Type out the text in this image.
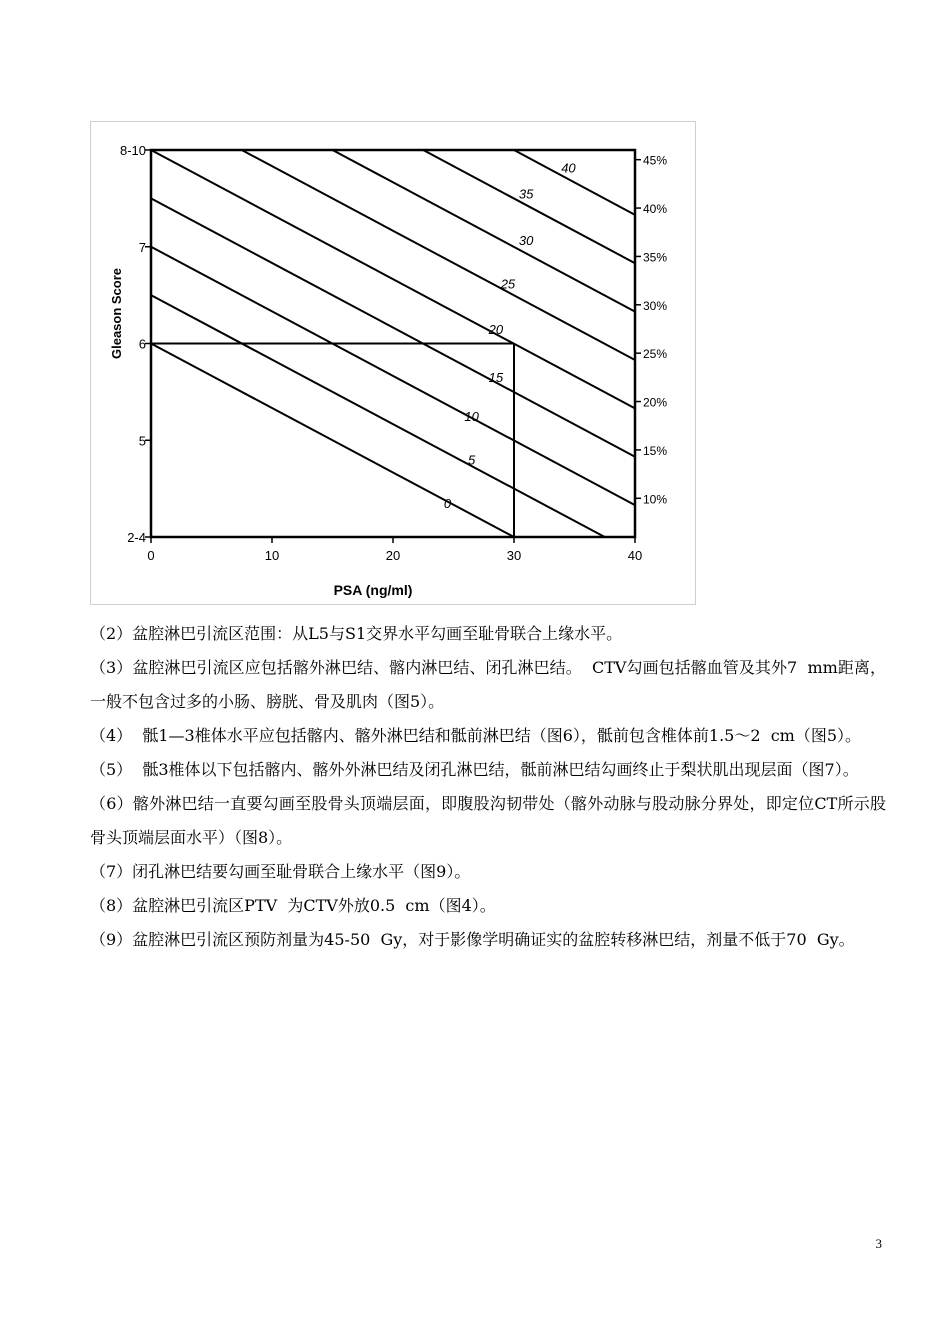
0
5
10
15
20
25
30
35
40
0	10	20	30	40
2-4
5
6
7
8-10
45%
40%
35%
30%
25%
20%
15%
10%
PSA (ng/ml)
Gleason Score

（2）盆腔淋巴引流区范围：从L5与S1交界水平勾画至耻骨联合上缘水平。

（3）盆腔淋巴引流区应包括髂外淋巴结、髂内淋巴结、闭孔淋巴结。  CTV勾画包括髂血管及其外7  mm距离，一般不包含过多的小肠、膀胱、骨及肌肉（图5）。

（4）  骶1—3椎体水平应包括髂内、髂外淋巴结和骶前淋巴结（图6），骶前包含椎体前1.5～2  cm（图5）。

（5）  骶3椎体以下包括髂内、髂外外淋巴结及闭孔淋巴结，骶前淋巴结勾画终止于梨状肌出现层面（图7）。

（6）髂外淋巴结一直要勾画至股骨头顶端层面，即腹股沟韧带处（髂外动脉与股动脉分界处，即定位CT所示股骨头顶端层面水平）（图8）。

（7）闭孔淋巴结要勾画至耻骨联合上缘水平（图9）。

（8）盆腔淋巴引流区PTV  为CTV外放0.5  cm（图4）。

（9）盆腔淋巴引流区预防剂量为45-50  Gy，对于影像学明确证实的盆腔转移淋巴结，剂量不低于70  Gy。

3
